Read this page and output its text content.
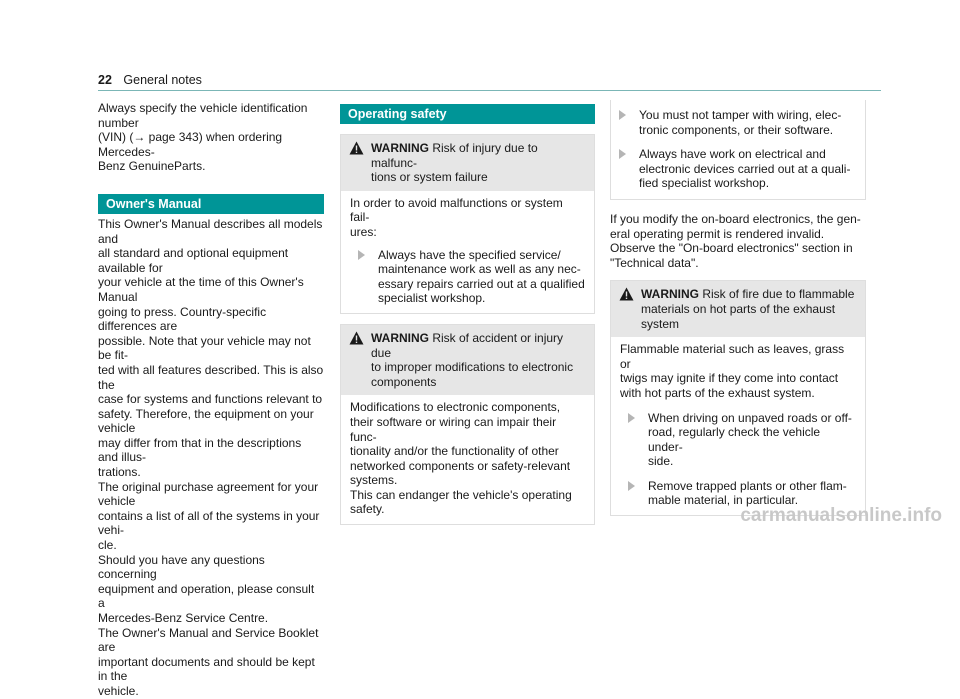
22 General notes

Always specify the vehicle identification number
(VIN) (→ page 343) when ordering Mercedes-
Benz GenuineParts.

Owner's Manual

This Owner's Manual describes all models and
all standard and optional equipment available for
your vehicle at the time of this Owner's Manual
going to press. Country-specific differences are
possible. Note that your vehicle may not be fit-
ted with all features described. This is also the
case for systems and functions relevant to
safety. Therefore, the equipment on your vehicle
may differ from that in the descriptions and illus-
trations.

The original purchase agreement for your vehicle
contains a list of all of the systems in your vehi-
cle.

Should you have any questions concerning
equipment and operation, please consult a
Mercedes-Benz Service Centre.

The Owner's Manual and Service Booklet are
important documents and should be kept in the
vehicle.

Operating safety
WARNING Risk of injury due to malfunc-
tions or system failure
In order to avoid malfunctions or system fail-
ures:
Always have the specified service/
maintenance work as well as any nec-
essary repairs carried out at a qualified
specialist workshop.
WARNING Risk of accident or injury due
to improper modifications to electronic
components
Modifications to electronic components,
their software or wiring can impair their func-
tionality and/or the functionality of other
networked components or safety-relevant
systems.
This can endanger the vehicle's operating
safety.
You must not tamper with wiring, elec-
tronic components, or their software.
Always have work on electrical and
electronic devices carried out at a quali-
fied specialist workshop.

If you modify the on-board electronics, the gen-
eral operating permit is rendered invalid.

Observe the "On-board electronics" section in
"Technical data".

WARNING Risk of fire due to flammable
materials on hot parts of the exhaust
system
Flammable material such as leaves, grass or
twigs may ignite if they come into contact
with hot parts of the exhaust system.
When driving on unpaved roads or off-
road, regularly check the vehicle under-
side.
Remove trapped plants or other flam-
mable material, in particular.
carmanualsonline.info
